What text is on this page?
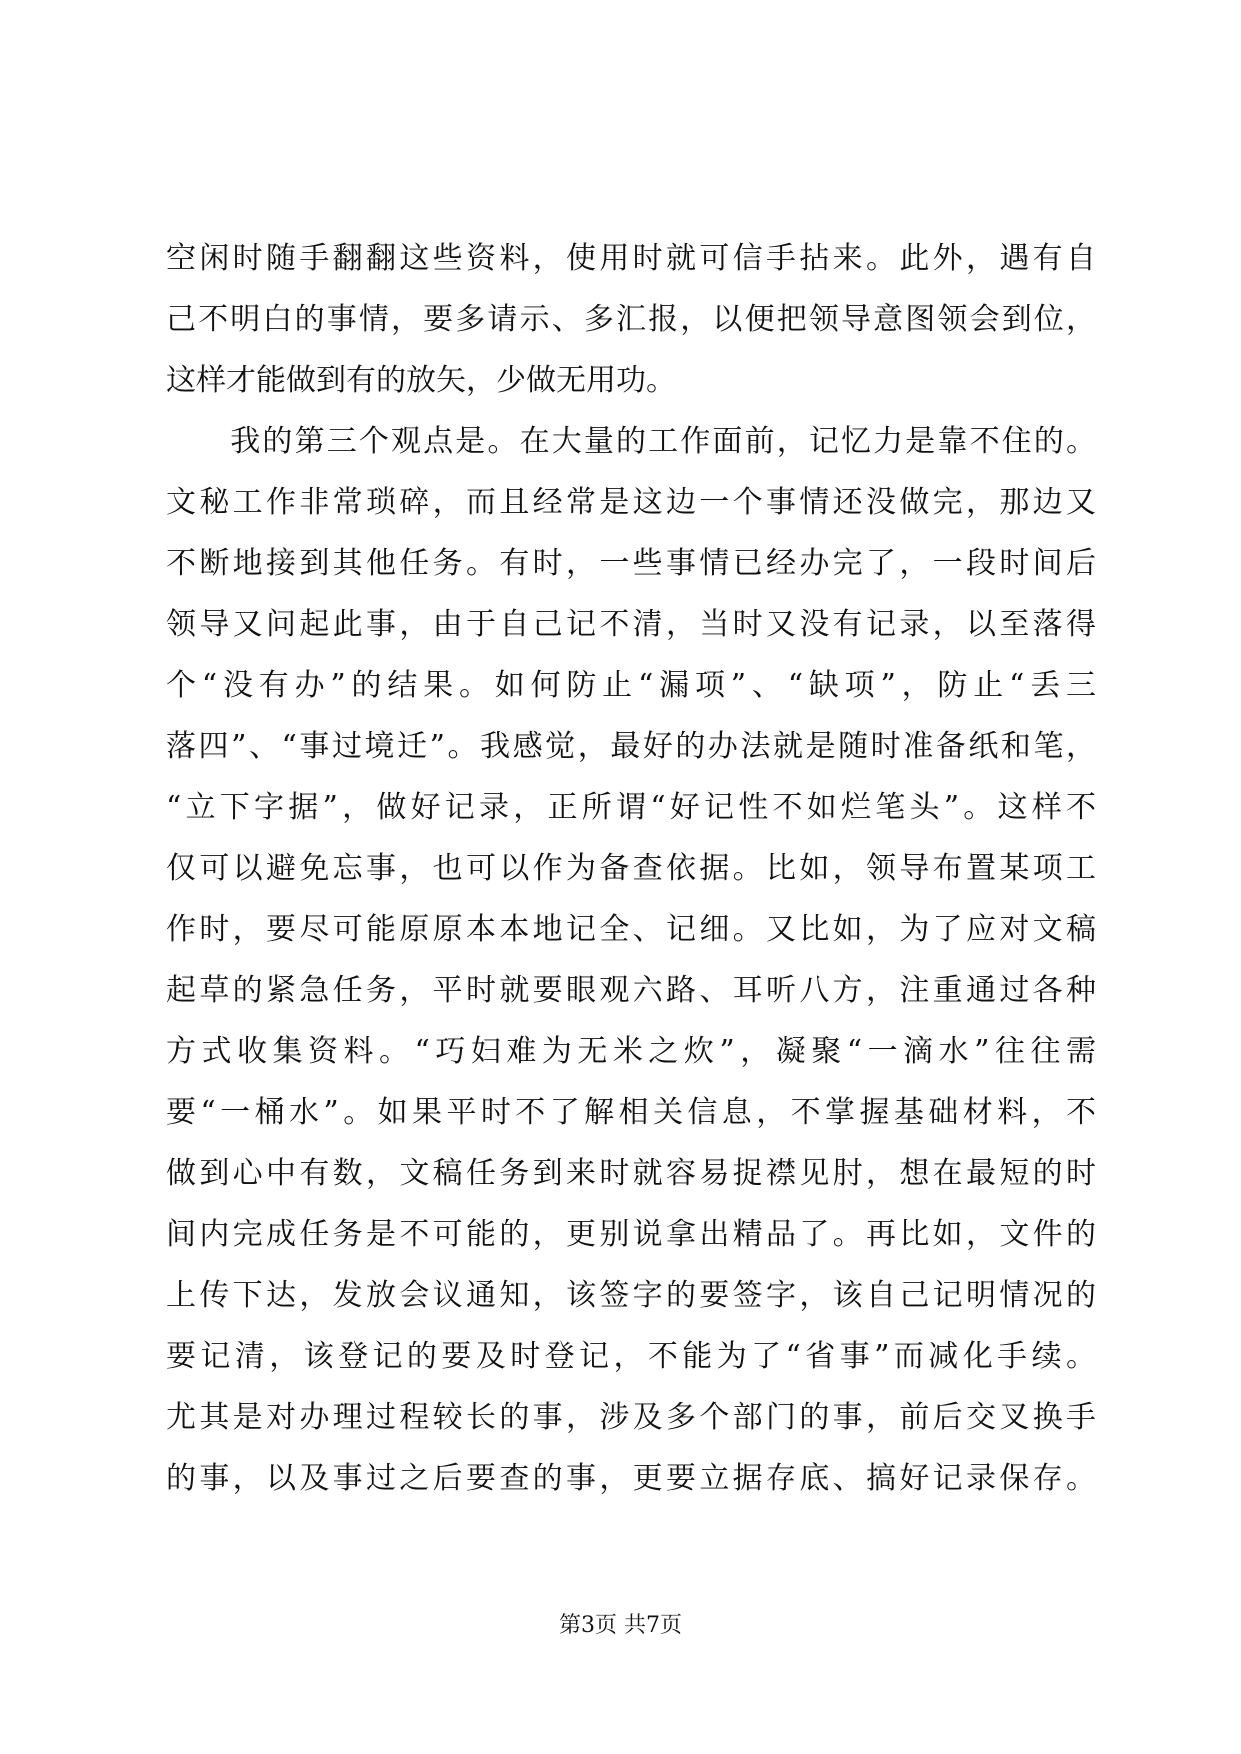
空闲时随手翻翻这些资料，使用时就可信手拈来。此外，遇有自
己不明白的事情，要多请示、多汇报，以便把领导意图领会到位，
这样才能做到有的放矢，少做无用功。
　　我的第三个观点是。在大量的工作面前，记忆力是靠不住的。
文秘工作非常琐碎，而且经常是这边一个事情还没做完，那边又
不断地接到其他任务。有时，一些事情已经办完了，一段时间后
领导又问起此事，由于自己记不清，当时又没有记录，以至落得
个“没有办”的结果。如何防止“漏项”、“缺项”，防止“丢三
落四”、“事过境迁”。我感觉，最好的办法就是随时准备纸和笔，
“立下字据”，做好记录，正所谓“好记性不如烂笔头”。这样不
仅可以避免忘事，也可以作为备查依据。比如，领导布置某项工
作时，要尽可能原原本本地记全、记细。又比如，为了应对文稿
起草的紧急任务，平时就要眼观六路、耳听八方，注重通过各种
方式收集资料。“巧妇难为无米之炊”，凝聚“一滴水”往往需
要“一桶水”。如果平时不了解相关信息，不掌握基础材料，不
做到心中有数，文稿任务到来时就容易捉襟见肘，想在最短的时
间内完成任务是不可能的，更别说拿出精品了。再比如，文件的
上传下达，发放会议通知，该签字的要签字，该自己记明情况的
要记清，该登记的要及时登记，不能为了“省事”而减化手续。
尤其是对办理过程较长的事，涉及多个部门的事，前后交叉换手
的事，以及事过之后要查的事，更要立据存底、搞好记录保存。
第3页 共7页
